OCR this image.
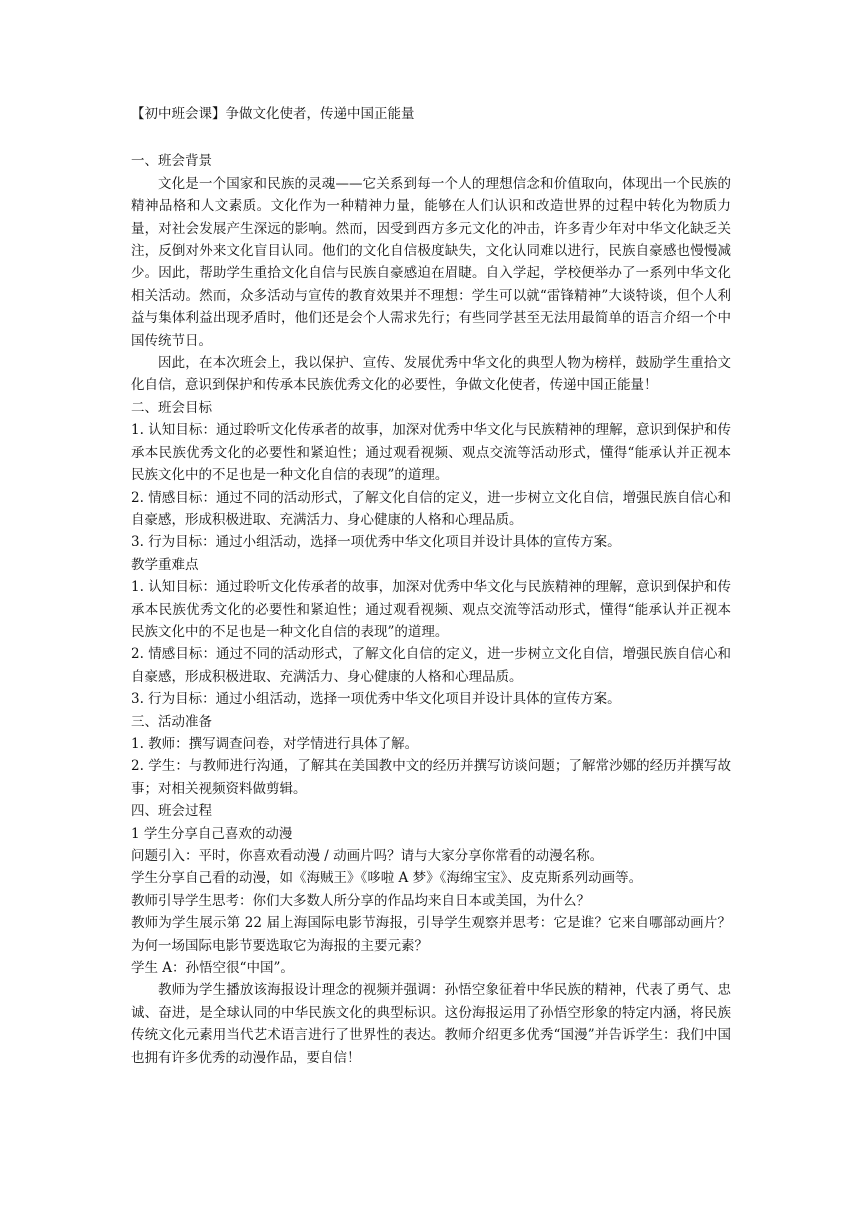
【初中班会课】争做文化使者，传递中国正能量

一、班会背景

文化是一个国家和民族的灵魂——它关系到每一个人的理想信念和价值取向，体现出一个民族的精神品格和人文素质。文化作为一种精神力量，能够在人们认识和改造世界的过程中转化为物质力量，对社会发展产生深远的影响。然而，因受到西方多元文化的冲击，许多青少年对中华文化缺乏关注，反倒对外来文化盲目认同。他们的文化自信极度缺失，文化认同难以进行，民族自豪感也慢慢减少。因此，帮助学生重拾文化自信与民族自豪感迫在眉睫。自入学起，学校便举办了一系列中华文化相关活动。然而，众多活动与宣传的教育效果并不理想：学生可以就“雷锋精神”大谈特谈，但个人利益与集体利益出现矛盾时，他们还是会个人需求先行；有些同学甚至无法用最简单的语言介绍一个中国传统节日。

因此，在本次班会上，我以保护、宣传、发展优秀中华文化的典型人物为榜样，鼓励学生重拾文化自信，意识到保护和传承本民族优秀文化的必要性，争做文化使者，传递中国正能量！

二、班会目标

1. 认知目标：通过聆听文化传承者的故事，加深对优秀中华文化与民族精神的理解，意识到保护和传承本民族优秀文化的必要性和紧迫性；通过观看视频、观点交流等活动形式，懂得“能承认并正视本民族文化中的不足也是一种文化自信的表现”的道理。

2. 情感目标：通过不同的活动形式，了解文化自信的定义，进一步树立文化自信，增强民族自信心和自豪感，形成积极进取、充满活力、身心健康的人格和心理品质。

3. 行为目标：通过小组活动，选择一项优秀中华文化项目并设计具体的宣传方案。

教学重难点

1. 认知目标：通过聆听文化传承者的故事，加深对优秀中华文化与民族精神的理解，意识到保护和传承本民族优秀文化的必要性和紧迫性；通过观看视频、观点交流等活动形式，懂得“能承认并正视本民族文化中的不足也是一种文化自信的表现”的道理。

2. 情感目标：通过不同的活动形式，了解文化自信的定义，进一步树立文化自信，增强民族自信心和自豪感，形成积极进取、充满活力、身心健康的人格和心理品质。

3. 行为目标：通过小组活动，选择一项优秀中华文化项目并设计具体的宣传方案。

三、活动准备

1. 教师：撰写调查问卷，对学情进行具体了解。

2. 学生：与教师进行沟通，了解其在美国教中文的经历并撰写访谈问题；了解常沙娜的经历并撰写故事；对相关视频资料做剪辑。

四、班会过程

1 学生分享自己喜欢的动漫

问题引入：平时，你喜欢看动漫 / 动画片吗？请与大家分享你常看的动漫名称。

学生分享自己看的动漫，如《海贼王》《哆啦 A 梦》《海绵宝宝》、皮克斯系列动画等。

教师引导学生思考：你们大多数人所分享的作品均来自日本或美国，为什么？

教师为学生展示第 22 届上海国际电影节海报，引导学生观察并思考：它是谁？它来自哪部动画片？为何一场国际电影节要选取它为海报的主要元素？

学生 A：孙悟空很“中国”。

教师为学生播放该海报设计理念的视频并强调：孙悟空象征着中华民族的精神，代表了勇气、忠诚、奋进，是全球认同的中华民族文化的典型标识。这份海报运用了孙悟空形象的特定内涵，将民族传统文化元素用当代艺术语言进行了世界性的表达。教师介绍更多优秀“国漫”并告诉学生：我们中国也拥有许多优秀的动漫作品，要自信！
